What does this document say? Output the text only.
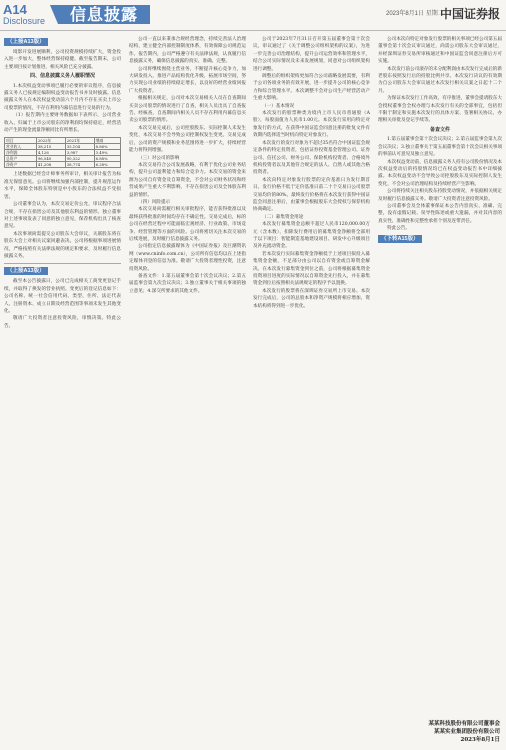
A14
Disclosure	信息披露	2023年8月1日 星期二
中国证券报
（上接A13版）

境影开发进展顺利，公司投资规模持续扩大，资金投入进一步加大，整体经营保持稳健。截至报告期末，公司主要项目按计划推进，相关风险已充分披露。

四、信息披露义务人履职情况

1.本次权益变动事项已履行必要的审议程序，信息披露义务人已按规定编制权益变动报告书并及时披露。信息披露义务人在本次权益变动前六个月内不存在买卖上市公司股票的情况，不存在利用内幕信息进行交易的行为。

（1）报告期内主要财务数据如下表所示，公司营业收入、归属于上市公司股东的净利润均保持稳定，经营活动产生的现金流量净额同比有所增长。

项目	2022年	2021年	增减
营业收入	38,215	35,104	8.86%
净利润	4,126	3,987	3.49%
总资产	96,540	90,322	6.88%
净资产	41,208	38,774	6.28%

上述数据已经会计师事务所审计，相关审计报告为标准无保留意见。公司将继续加强内部控制，提升规范运作水平，保障全体股东特别是中小股东的合法权益不受损害。

公司董事会认为，本次交易定价公允，审议程序合法合规，不存在损害公司及其他股东利益的情形。独立董事对上述事项发表了同意的独立意见，保荐机构出具了核查意见。

本次事项尚需提交公司股东大会审议，关联股东将在股东大会上对相关议案回避表决。公司将根据事项进展情况，严格按照有关法律法规的规定和要求，及时履行信息披露义务。

（上接A13版）

截至本公告披露日，公司已完成相关工商变更登记手续，并取得了换发的营业执照。变更后的登记信息如下：公司名称、统一社会信用代码、类型、住所、法定代表人、注册资本、成立日期及经营范围等事项未发生其他变化。

敬请广大投资者注意投资风险，审慎决策。特此公告。

公司一直以来秉承合规经营理念，持续完善法人治理结构，建立健全内部控制制度体系，有效保障公司规范运作。报告期内，公司严格遵守有关法律法规，认真履行信息披露义务，确保信息披露的真实、准确、完整。

公司将继续围绕主营业务，不断提升核心竞争力，加大研发投入，推进产品结构优化升级，拓展市场空间，努力实现公司业绩的持续稳定增长，以良好的经营业绩回报广大投资者。

根据相关规定，公司对本次交易相关人员在自查期间买卖公司股票的情况进行了自查，相关人员出具了自查报告。经核查，自查期间内相关人员不存在利用内幕信息买卖公司股票的情形。

本次交易完成后，公司控股股东、实际控制人未发生变化，本次交易不会导致公司控制权发生变更。交易完成后，公司的资产规模和业务范围将进一步扩大，持续经营能力将得到增强。

（三）对公司的影响

本次交易符合公司发展战略，有利于优化公司业务结构，提升公司盈利能力和综合竞争力。本次交易的资金来源为公司自有资金及自筹资金，不会对公司财务状况和经营成果产生重大不利影响，不存在损害公司及全体股东利益的情形。

（四）风险提示

本次交易尚需履行相关审批程序，能否获得批准以及最终获得批准的时间均存在不确定性。交易完成后，标的公司在经营过程中可能面临宏观经济、行业政策、市场竞争、经营管理等方面的风险。公司将密切关注本次交易的后续进展，及时履行信息披露义务。

公司指定信息披露媒体为《中国证券报》及巨潮资讯网（www.cninfo.com.cn），公司所有信息均以在上述指定媒体刊登的信息为准。敬请广大投资者理性投资，注意投资风险。

备查文件：1.第五届董事会第十次会议决议；2.第五届监事会第九次会议决议；3.独立董事关于相关事项的独立意见；4.深交所要求的其他文件。

公司于2023年7月31日召开第五届董事会第十次会议，审议通过了《关于调整公司组织架构的议案》，为进一步完善公司治理结构，提升公司运营效率和管理水平，结合公司实际情况及未来发展规划，同意对公司组织架构进行调整。

调整后的组织架构更加符合公司战略发展需要，有利于公司各项业务的有效开展，进一步提升公司的核心竞争力和综合管理水平。本次调整不会对公司生产经营活动产生重大影响。

（一）基本情况

本次发行的股票种类为境内上市人民币普通股（A股），每股面值为人民币1.00元。本次发行采用向特定对象发行的方式，在获得中国证监会同意注册的批复文件有效期内选择适当时机向特定对象发行。

本次发行的发行对象为不超过35名符合中国证监会规定条件的特定投资者，包括证券投资基金管理公司、证券公司、信托公司、财务公司、保险机构投资者、合格境外机构投资者以及其他符合规定的法人、自然人或其他合格投资者。

本次向特定对象发行股票的定价基准日为发行期首日。发行价格不低于定价基准日前二十个交易日公司股票交易均价的80%。最终发行价格将在本次发行获得中国证监会同意注册后，由董事会根据股东大会授权与保荐机构协商确定。

（二）募集资金用途

本次发行募集资金总额不超过人民币120,000.00万元（含本数），扣除发行费用后的募集资金净额将全部用于以下项目：智能制造基地建设项目、研发中心升级项目及补充流动资金。

若本次发行实际募集资金净额低于上述项目拟投入募集资金金额，不足部分由公司以自有资金或自筹资金解决。在本次发行募集资金到位之前，公司将根据募集资金投资项目进度的实际情况以自筹资金先行投入，并在募集资金到位后按照相关法规规定的程序予以置换。

本次发行的股票将在深圳证券交易所上市交易。本次发行完成后，公司的总股本和净资产规模将相应增加，资本结构将得到进一步优化。

公司本次向特定对象发行股票的相关事项已经公司第五届董事会第十次会议审议通过，尚需公司股东大会审议通过，并经深圳证券交易所审核通过和中国证监会同意注册后方可实施。

本次发行前公司滚存的未分配利润由本次发行完成后的新老股东按照发行后的持股比例共享。本次发行决议的有效期为自公司股东大会审议通过本次发行相关议案之日起十二个月。

为保证本次发行工作高效、有序推进，董事会提请股东大会授权董事会全权办理与本次发行有关的全部事宜，包括但不限于制定和实施本次发行的具体方案、签署相关协议、办理相关审批及登记手续等。

备查文件

1.第五届董事会第十次会议决议；2.第五届监事会第九次会议决议；3.独立董事关于第五届董事会第十次会议相关事项的事前认可意见及独立意见。

本次权益变动前，信息披露义务人持有公司股份情况及本次权益变动后的持股情况均已在权益变动报告书中详细披露。本次权益变动不会导致公司控股股东及实际控制人发生变化，不会对公司治理结构及持续经营产生影响。

公司将持续关注相关股东持股变动情况，并依据相关规定及时履行信息披露义务。敬请广大投资者注意投资风险。

公司董事会及全体董事保证本公告内容真实、准确、完整，没有虚假记载、误导性陈述或重大遗漏，并对其内容的真实性、准确性和完整性承担个别及连带责任。

特此公告。

（下转A15版）
某某科技股份有限公司董事会
某某实业集团股份有限公司
2023年8月1日
